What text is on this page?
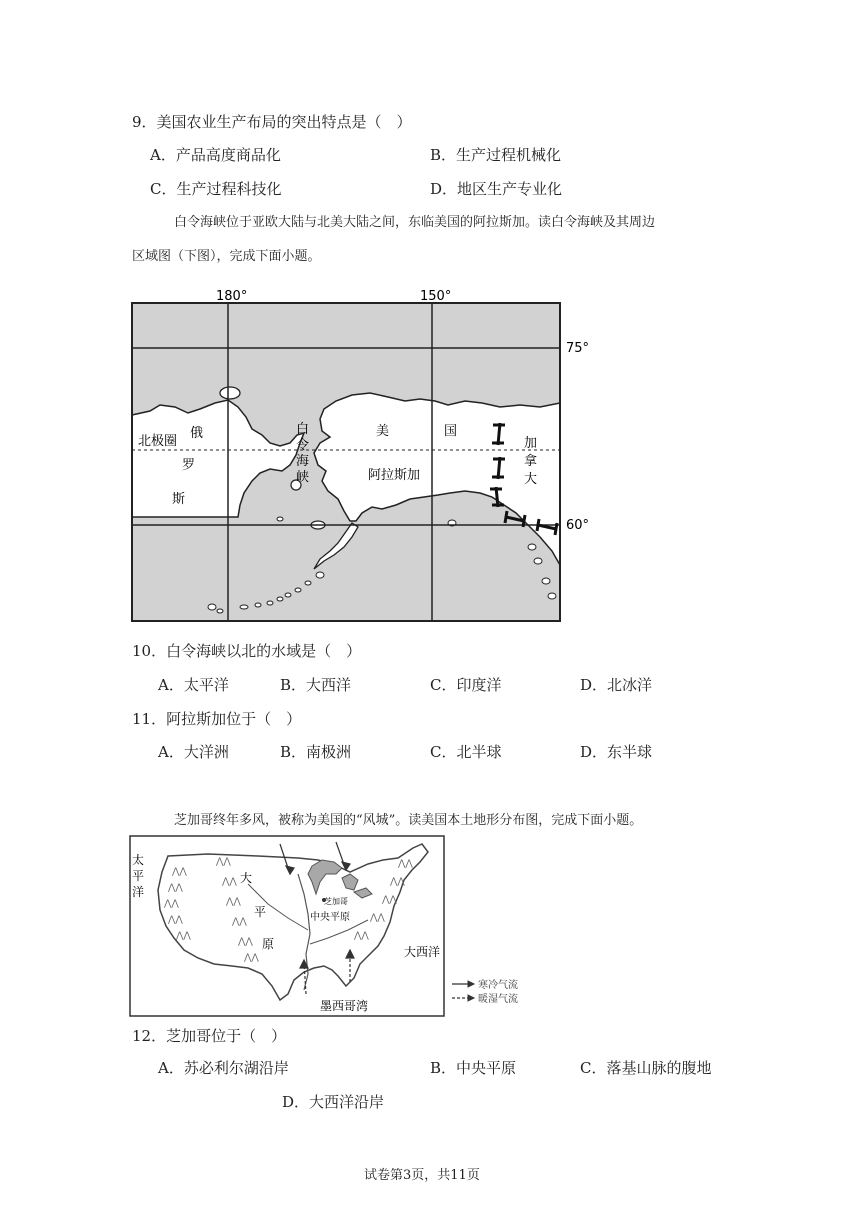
9．美国农业生产布局的突出特点是（　）
A．产品高度商品化	B．生产过程机械化
C．生产过程科技化	D．地区生产专业化
白令海峡位于亚欧大陆与北美大陆之间，东临美国的阿拉斯加。读白令海峡及其周边
区域图（下图），完成下面小题。
180°	150°
75°
60°
北极圈
俄
罗
斯
白
令
海
峡
美	国
阿拉斯加
加
拿
大
10．白令海峡以北的水域是（　）
A．太平洋	B．大西洋	C．印度洋	D．北冰洋
11．阿拉斯加位于（　）
A．大洋洲	B．南极洲	C．北半球	D．东半球
芝加哥终年多风，被称为美国的“风城”。读美国本土地形分布图，完成下面小题。
⋀⋀
⋀⋀
⋀⋀
⋀⋀
⋀⋀
⋀⋀
⋀⋀
⋀⋀
⋀⋀
⋀⋀
⋀⋀
⋀⋀
⋀⋀
⋀⋀
⋀⋀
⋀⋀
太
平
洋
大
平
原
芝加哥
中央平原
大西洋
墨西哥湾
寒冷气流
暖湿气流
12．芝加哥位于（　）
A．苏必利尔湖沿岸	B．中央平原	C．落基山脉的腹地
D．大西洋沿岸
试卷第3页，共11页
